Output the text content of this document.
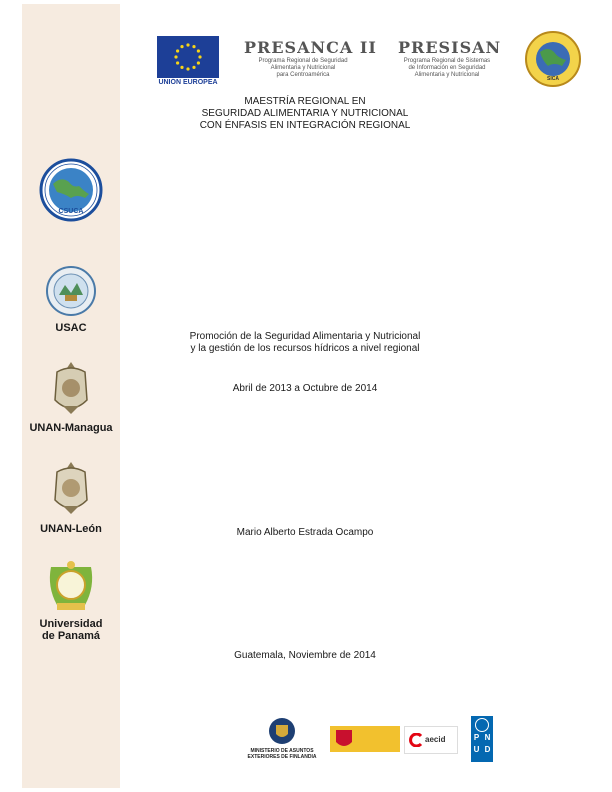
CSUCA
USAC
UNAN-Managua
UNAN-León
Universidad
de Panamá
UNIÓN EUROPEA
PRESANCA II
Programa Regional de Seguridad
Alimentaria y Nutricional
para Centroamérica
PRESISAN
Programa Regional de Sistemas
de Información en Seguridad
Alimentaria y Nutricional
SICA
MAESTRÍA REGIONAL EN
SEGURIDAD ALIMENTARIA Y NUTRICIONAL
CON ÉNFASIS EN INTEGRACIÓN REGIONAL
Promoción de la Seguridad Alimentaria y Nutricional
y la gestión de los recursos hídricos a nivel regional
Abril de 2013 a Octubre de 2014
Mario Alberto Estrada Ocampo
Guatemala, Noviembre de 2014
MINISTERIO DE ASUNTOS
EXTERIORES DE FINLANDIA
aecid	P N
U D
